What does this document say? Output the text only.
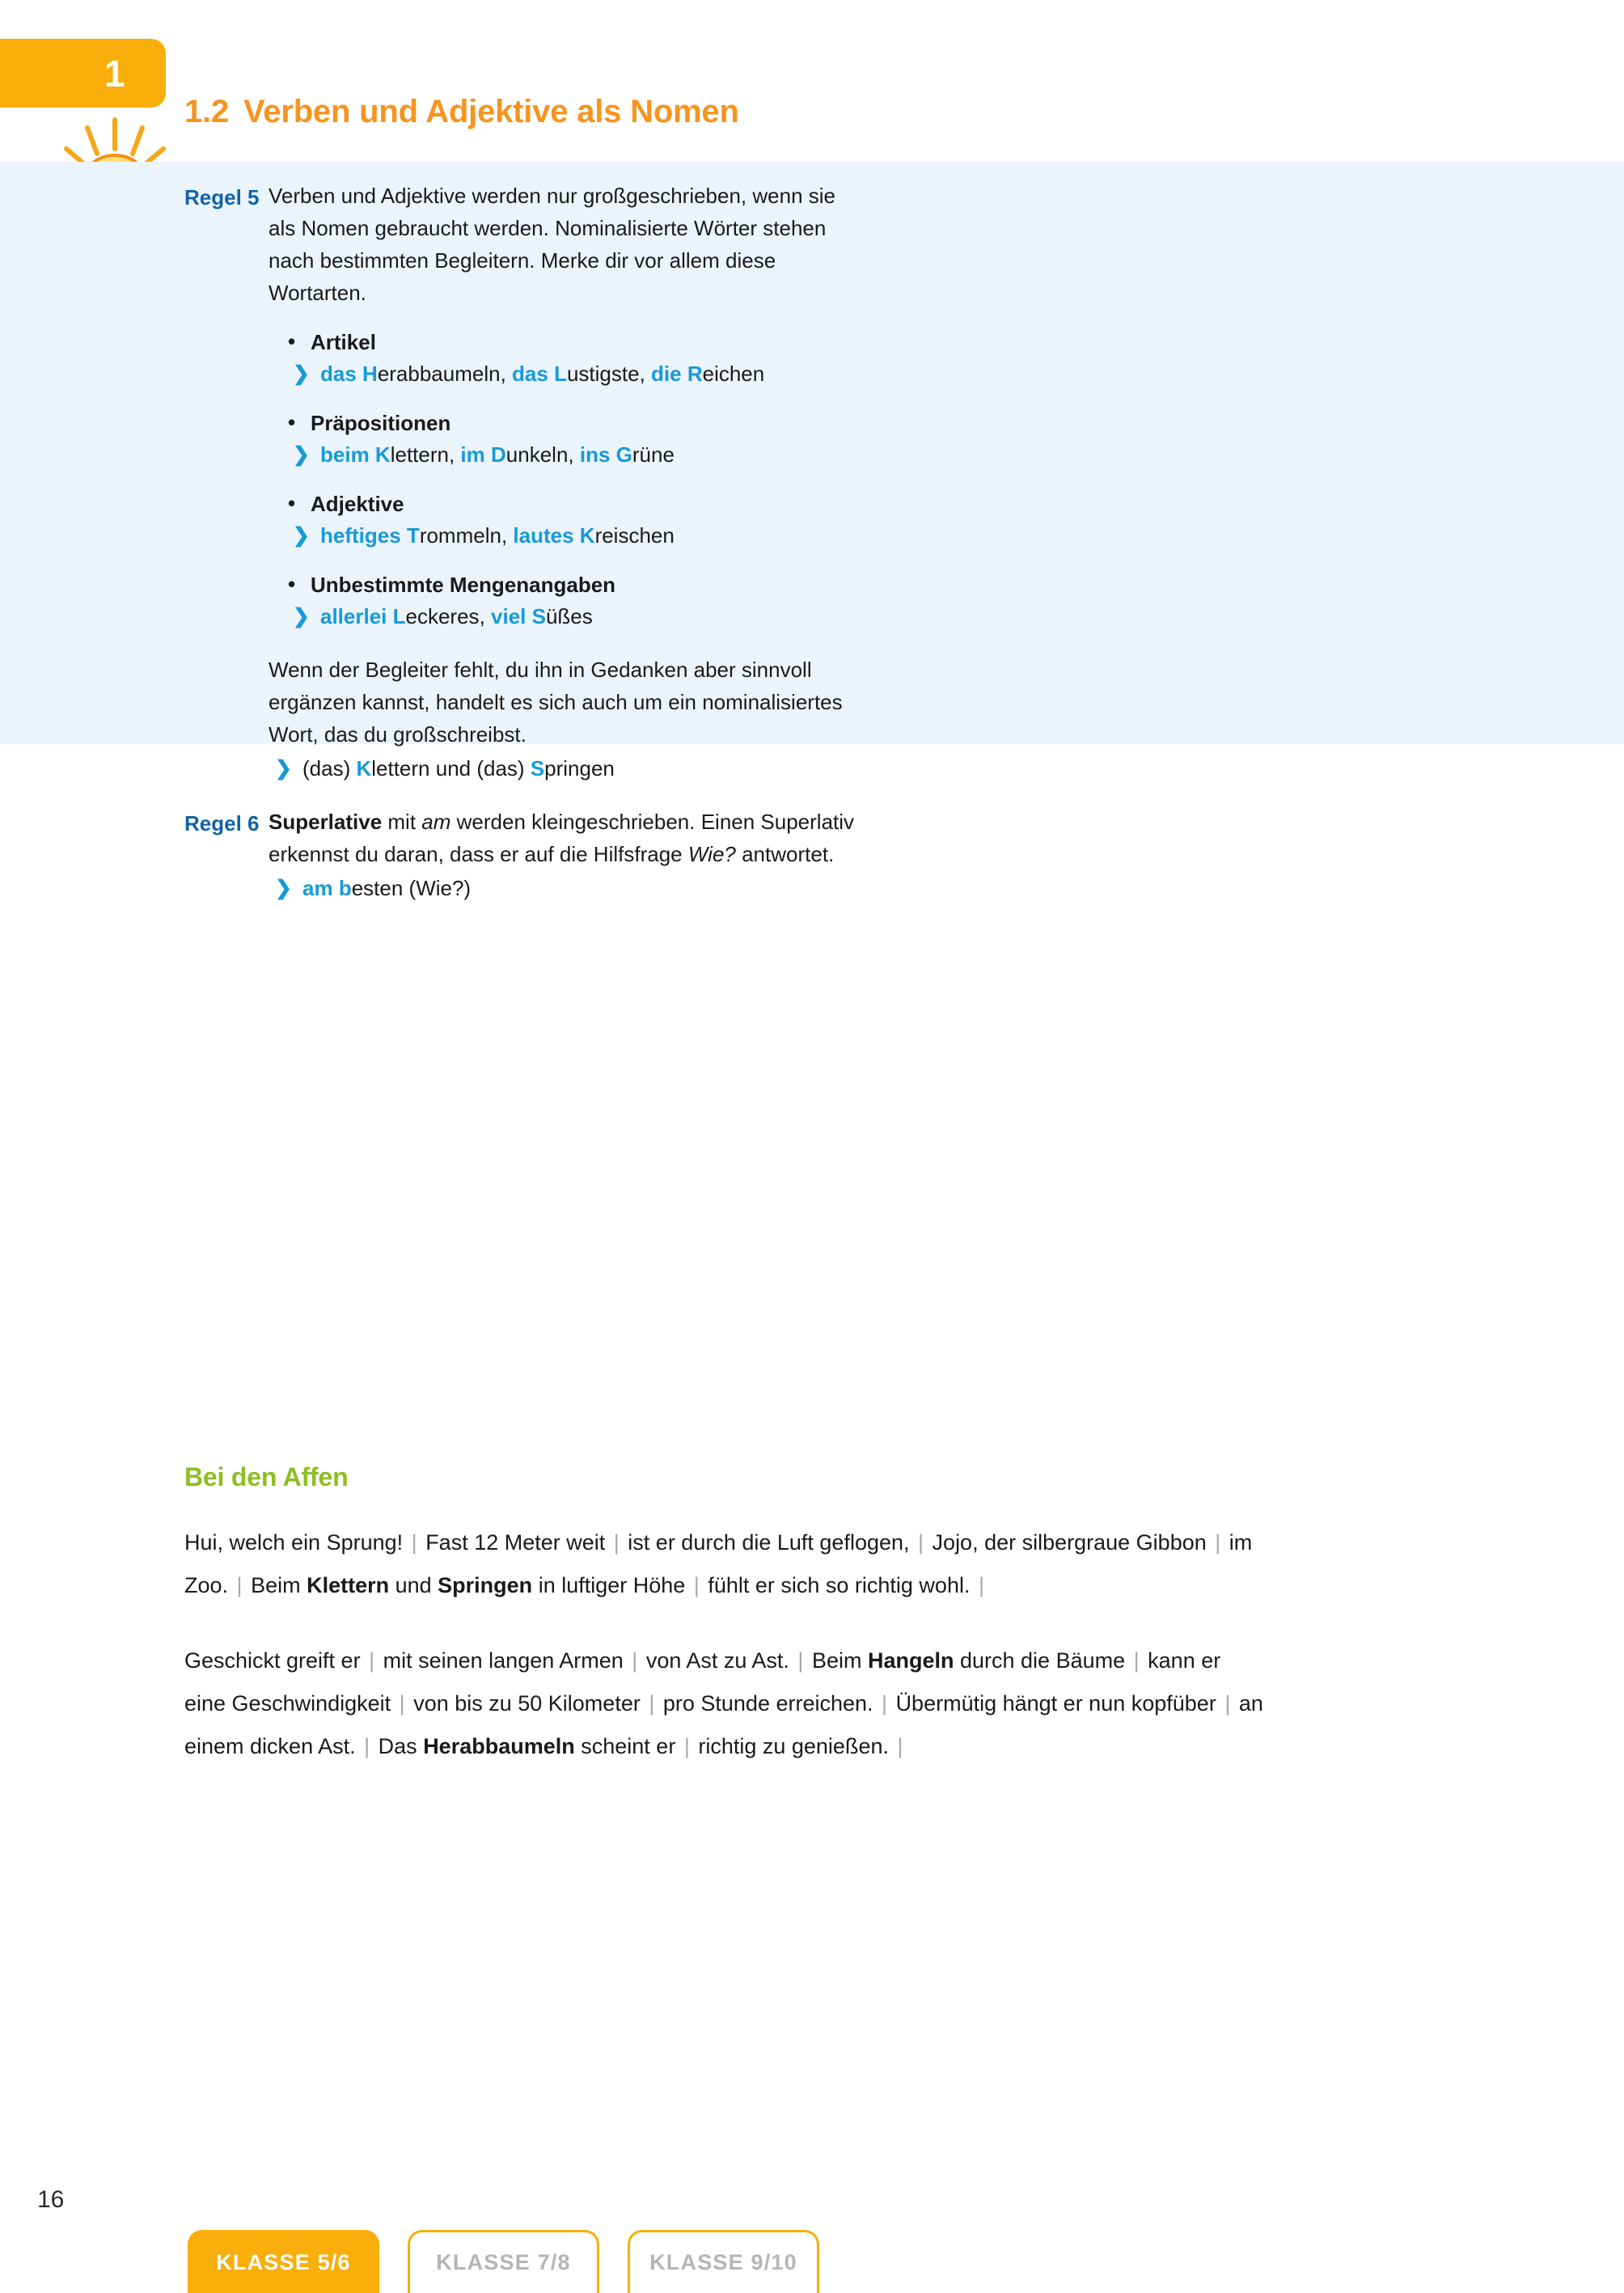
1
1.2 Verben und Adjektive als Nomen
Regel 5 Verben und Adjektive werden nur großgeschrieben, wenn sie als Nomen gebraucht werden. Nominalisierte Wörter stehen nach bestimmten Begleitern. Merke dir vor allem diese Wortarten.

• Artikel
❯ das Herabbaumeln, das Lustigste, die Reichen
• Präpositionen
❯ beim Klettern, im Dunkeln, ins Grüne
• Adjektive
❯ heftiges Trommeln, lautes Kreischen
• Unbestimmte Mengenangaben
❯ allerlei Leckeres, viel Süßes

Wenn der Begleiter fehlt, du ihn in Gedanken aber sinnvoll ergänzen kannst, handelt es sich auch um ein nominalisiertes Wort, das du großschreibst.

❯ (das) Klettern und (das) Springen
Regel 6 Superlative mit am werden kleingeschrieben. Einen Superlativ erkennst du daran, dass er auf die Hilfsfrage Wie? antwortet.

❯ am besten (Wie?)
Bei den Affen

Hui, welch ein Sprung! | Fast 12 Meter weit | ist er durch die Luft geflogen, | Jojo, der silbergraue Gibbon | im Zoo. | Beim Klettern und Springen in luftiger Höhe | fühlt er sich so richtig wohl. |

Geschickt greift er | mit seinen langen Armen | von Ast zu Ast. | Beim Hangeln durch die Bäume | kann er eine Geschwindigkeit | von bis zu 50 Kilometer | pro Stunde erreichen. | Übermütig hängt er nun kopfüber | an einem dicken Ast. | Das Herabbaumeln scheint er | richtig zu genießen. |

16
KLASSE 5/6	KLASSE 7/8	KLASSE 9/10
